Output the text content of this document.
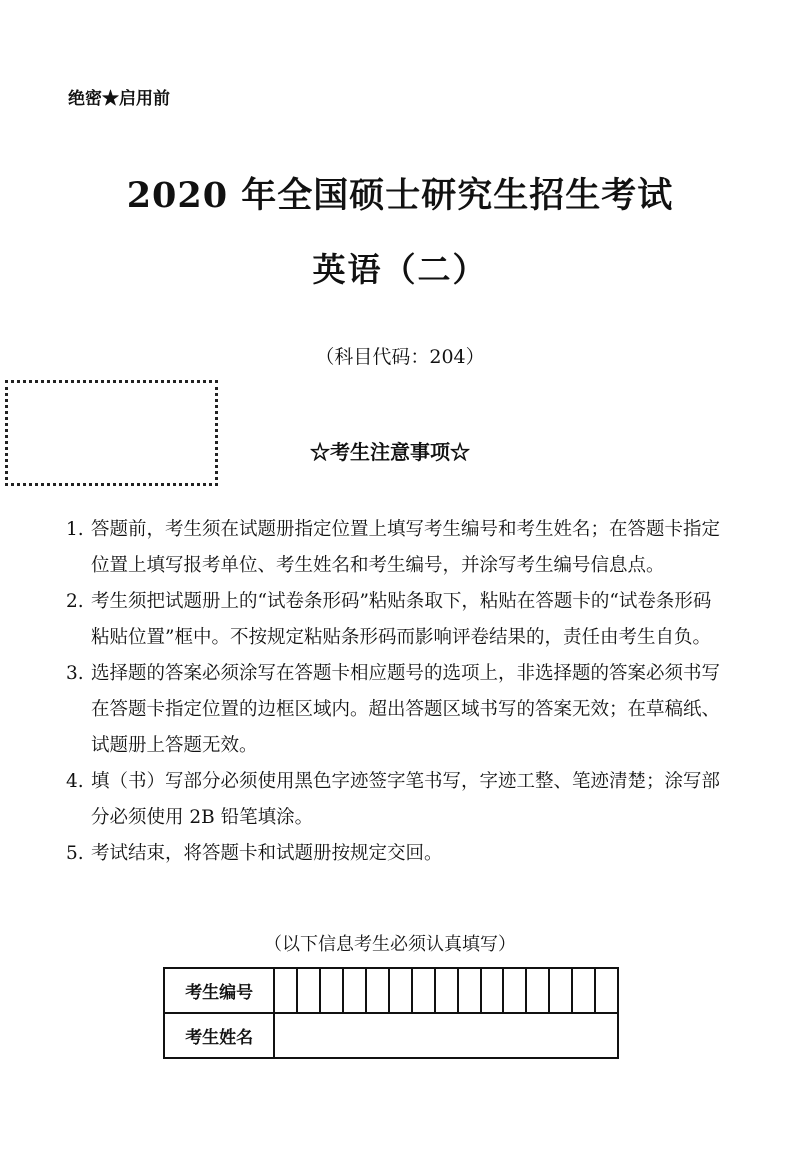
绝密★启用前
2020 年全国硕士研究生招生考试
英语（二）
（科目代码：204）
☆考生注意事项☆
1. 答题前，考生须在试题册指定位置上填写考生编号和考生姓名；在答题卡指定位置上填写报考单位、考生姓名和考生编号，并涂写考生编号信息点。
2. 考生须把试题册上的“试卷条形码”粘贴条取下，粘贴在答题卡的“试卷条形码粘贴位置”框中。不按规定粘贴条形码而影响评卷结果的，责任由考生自负。
3. 选择题的答案必须涂写在答题卡相应题号的选项上，非选择题的答案必须书写在答题卡指定位置的边框区域内。超出答题区域书写的答案无效；在草稿纸、试题册上答题无效。
4. 填（书）写部分必须使用黑色字迹签字笔书写，字迹工整、笔迹清楚；涂写部分必须使用 2B 铅笔填涂。
5. 考试结束，将答题卡和试题册按规定交回。
（以下信息考生必须认真填写）
考生编号															
考生姓名															
